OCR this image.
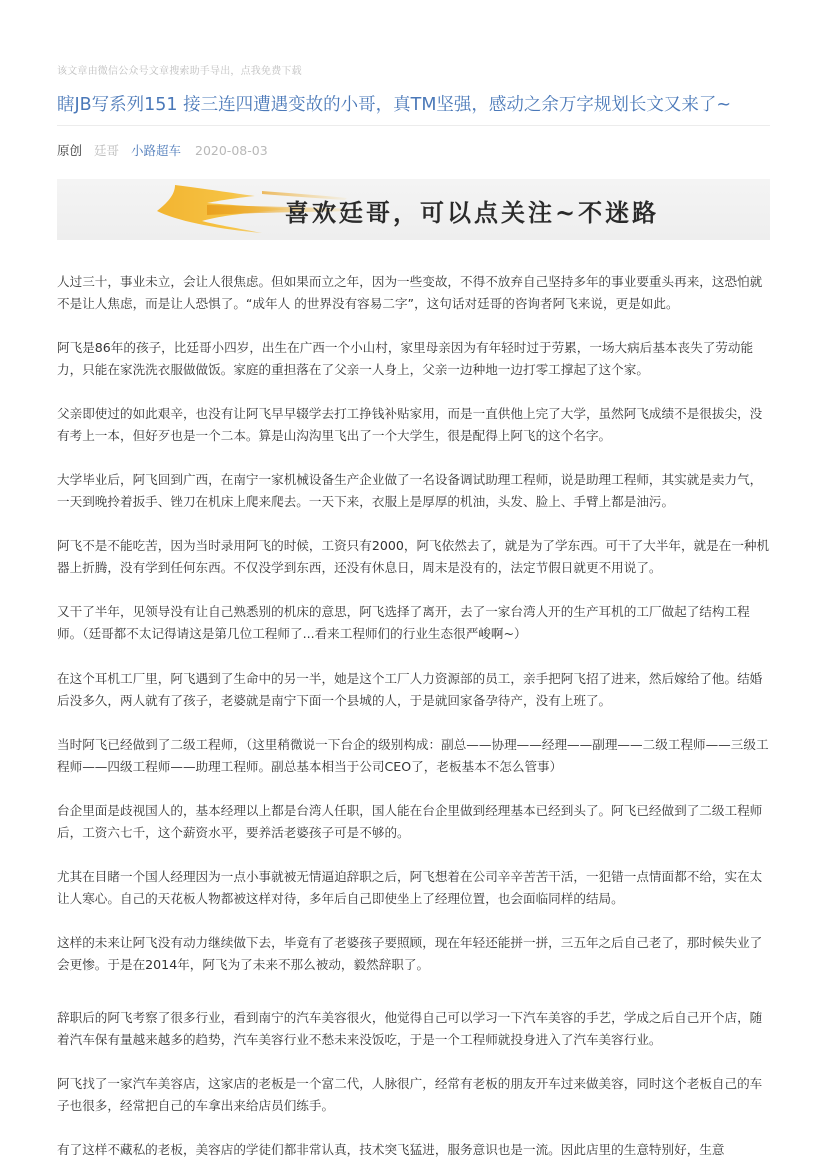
该文章由微信公众号文章搜索助手导出，点我免费下载
瞎JB写系列151 接三连四遭遇变故的小哥，真TM坚强，感动之余万字规划长文又来了~
原创 廷哥 小路超车 2020-08-03
喜欢廷哥，可以点关注~不迷路

人过三十，事业未立，会让人很焦虑。但如果而立之年，因为一些变故，不得不放弃自己坚持多年的事业要重头再来，这恐怕就不是让人焦虑，而是让人恐惧了。“成年人 的世界没有容易二字”，这句话对廷哥的咨询者阿飞来说，更是如此。

阿飞是86年的孩子，比廷哥小四岁，出生在广西一个小山村，家里母亲因为有年轻时过于劳累，一场大病后基本丧失了劳动能力，只能在家洗洗衣服做做饭。家庭的重担落在了父亲一人身上，父亲一边种地一边打零工撑起了这个家。

父亲即使过的如此艰辛，也没有让阿飞早早辍学去打工挣钱补贴家用，而是一直供他上完了大学，虽然阿飞成绩不是很拔尖，没有考上一本，但好歹也是一个二本。算是山沟沟里飞出了一个大学生，很是配得上阿飞的这个名字。

大学毕业后，阿飞回到广西，在南宁一家机械设备生产企业做了一名设备调试助理工程师，说是助理工程师，其实就是卖力气，一天到晚拎着扳手、锉刀在机床上爬来爬去。一天下来，衣服上是厚厚的机油，头发、脸上、手臂上都是油污。

阿飞不是不能吃苦，因为当时录用阿飞的时候，工资只有2000，阿飞依然去了，就是为了学东西。可干了大半年，就是在一种机器上折腾，没有学到任何东西。不仅没学到东西，还没有休息日，周末是没有的，法定节假日就更不用说了。

又干了半年，见领导没有让自己熟悉别的机床的意思，阿飞选择了离开，去了一家台湾人开的生产耳机的工厂做起了结构工程师。（廷哥都不太记得请这是第几位工程师了...看来工程师们的行业生态很严峻啊~）

在这个耳机工厂里，阿飞遇到了生命中的另一半，她是这个工厂人力资源部的员工，亲手把阿飞招了进来，然后嫁给了他。结婚后没多久，两人就有了孩子，老婆就是南宁下面一个县城的人，于是就回家备孕待产，没有上班了。

当时阿飞已经做到了二级工程师，（这里稍微说一下台企的级别构成：副总——协理——经理——副理——二级工程师——三级工程师——四级工程师——助理工程师。副总基本相当于公司CEO了，老板基本不怎么管事）

台企里面是歧视国人的，基本经理以上都是台湾人任职，国人能在台企里做到经理基本已经到头了。阿飞已经做到了二级工程师后，工资六七千，这个薪资水平，要养活老婆孩子可是不够的。

尤其在目睹一个国人经理因为一点小事就被无情逼迫辞职之后，阿飞想着在公司辛辛苦苦干活，一犯错一点情面都不给，实在太让人寒心。自己的天花板人物都被这样对待，多年后自己即使坐上了经理位置，也会面临同样的结局。

这样的未来让阿飞没有动力继续做下去，毕竟有了老婆孩子要照顾，现在年轻还能拼一拼，三五年之后自己老了，那时候失业了会更惨。于是在2014年，阿飞为了未来不那么被动，毅然辞职了。

辞职后的阿飞考察了很多行业，看到南宁的汽车美容很火，他觉得自己可以学习一下汽车美容的手艺，学成之后自己开个店，随着汽车保有量越来越多的趋势，汽车美容行业不愁未来没饭吃，于是一个工程师就投身进入了汽车美容行业。

阿飞找了一家汽车美容店，这家店的老板是一个富二代，人脉很广，经常有老板的朋友开车过来做美容，同时这个老板自己的车子也很多，经常把自己的车拿出来给店员们练手。

有了这样不藏私的老板，美容店的学徒们都非常认真，技术突飞猛进，服务意识也是一流。因此店里的生意特别好，生意
